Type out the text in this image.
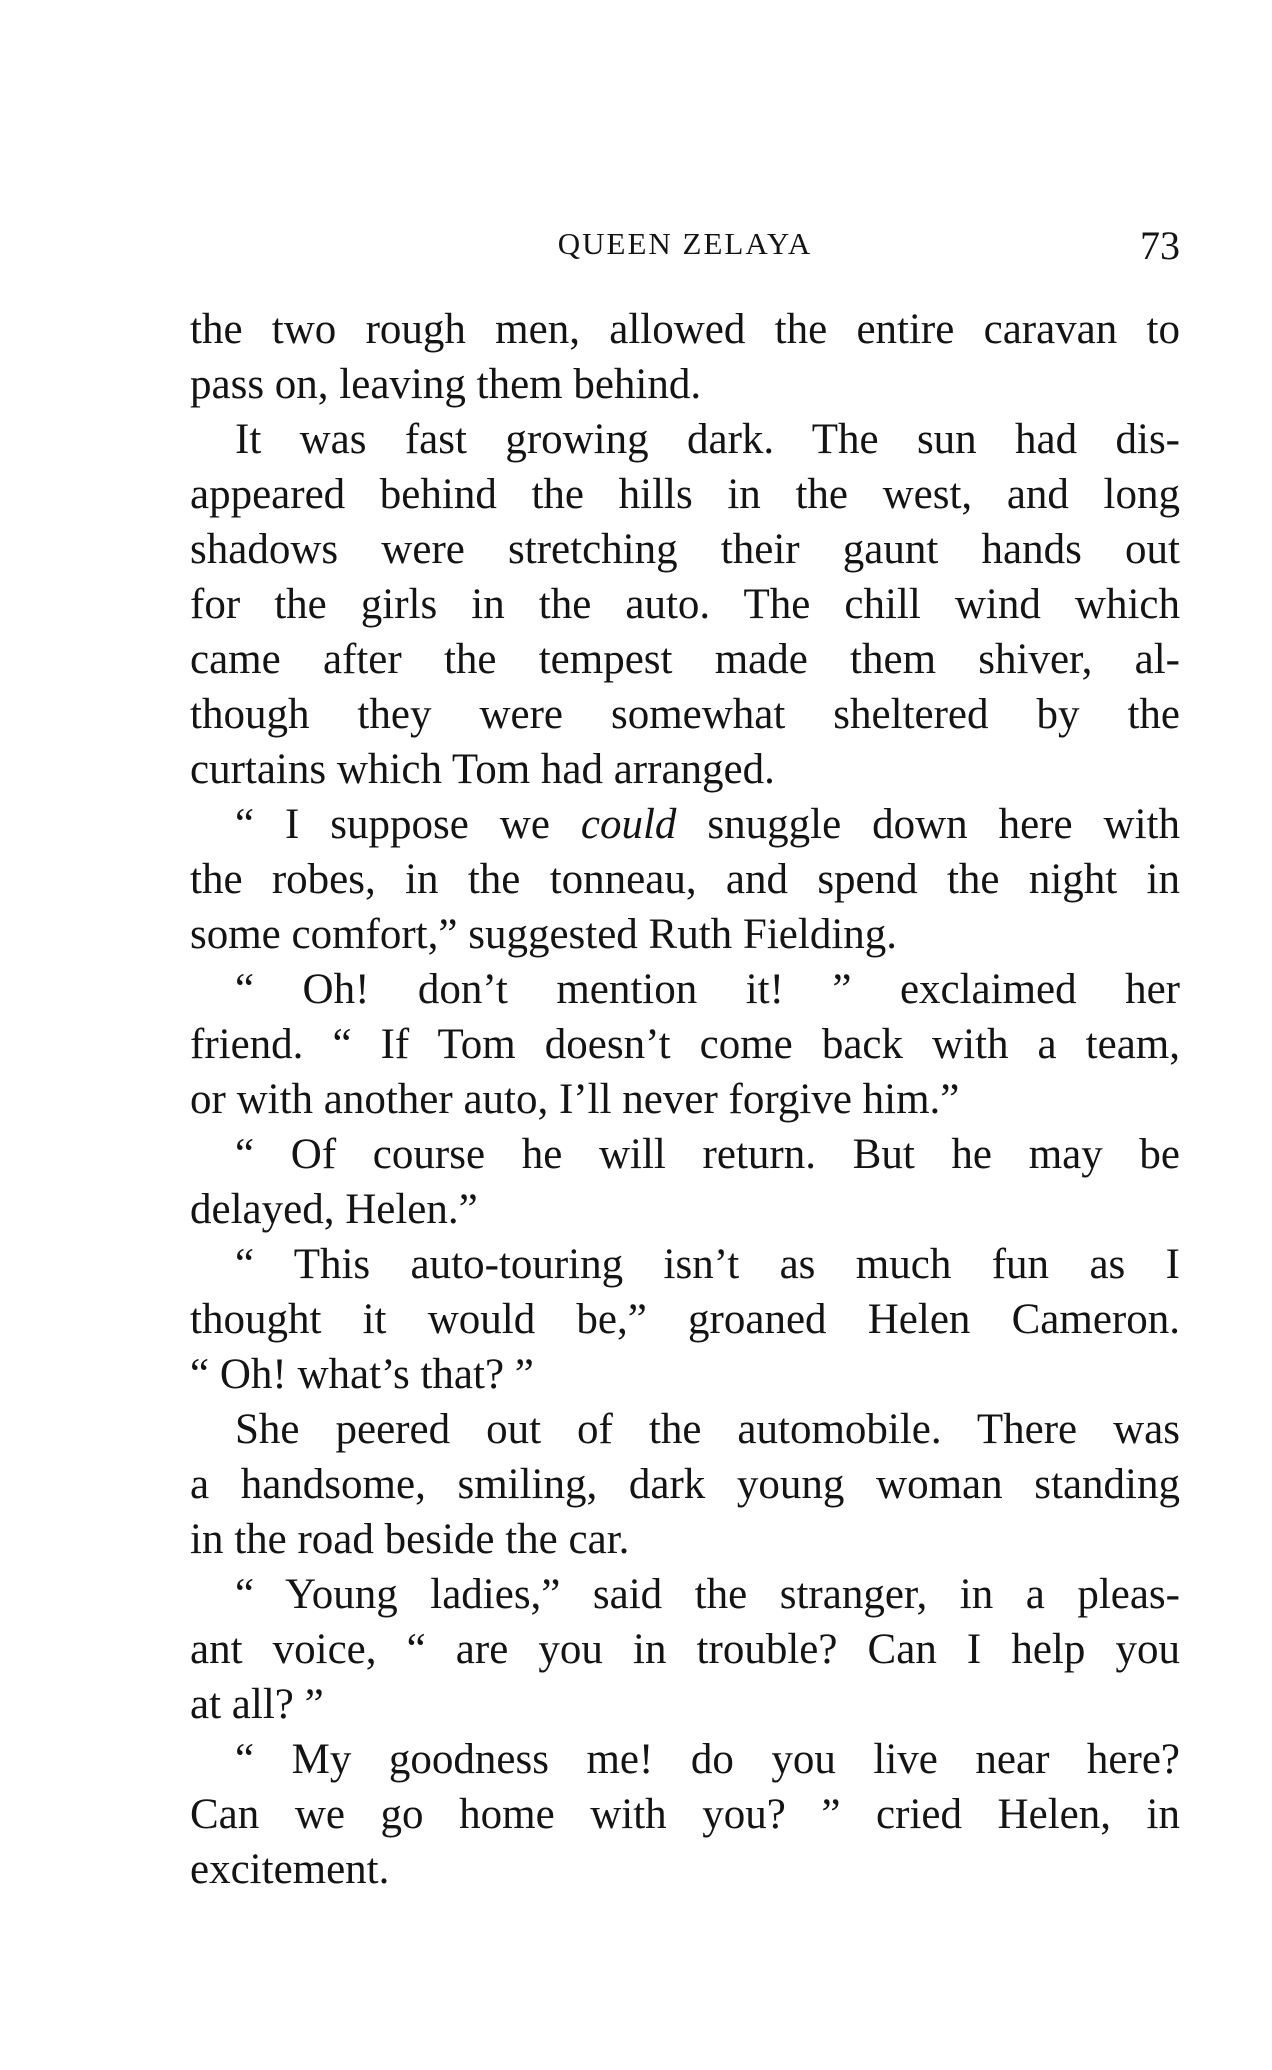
QUEEN ZELAYA	73
the two rough men, allowed the entire caravan to
pass on, leaving them behind.
It was fast growing dark. The sun had dis-
appeared behind the hills in the west, and long
shadows were stretching their gaunt hands out
for the girls in the auto. The chill wind which
came after the tempest made them shiver, al-
though they were somewhat sheltered by the
curtains which Tom had arranged.
“ I suppose we could snuggle down here with
the robes, in the tonneau, and spend the night in
some comfort,” suggested Ruth Fielding.
“ Oh! don’t mention it! ” exclaimed her
friend. “ If Tom doesn’t come back with a team,
or with another auto, I’ll never forgive him.”
“ Of course he will return. But he may be
delayed, Helen.”
“ This auto-touring isn’t as much fun as I
thought it would be,” groaned Helen Cameron.
“ Oh! what’s that? ”
She peered out of the automobile. There was
a handsome, smiling, dark young woman standing
in the road beside the car.
“ Young ladies,” said the stranger, in a pleas-
ant voice, “ are you in trouble? Can I help you
at all? ”
“ My goodness me! do you live near here?
Can we go home with you? ” cried Helen, in
excitement.
